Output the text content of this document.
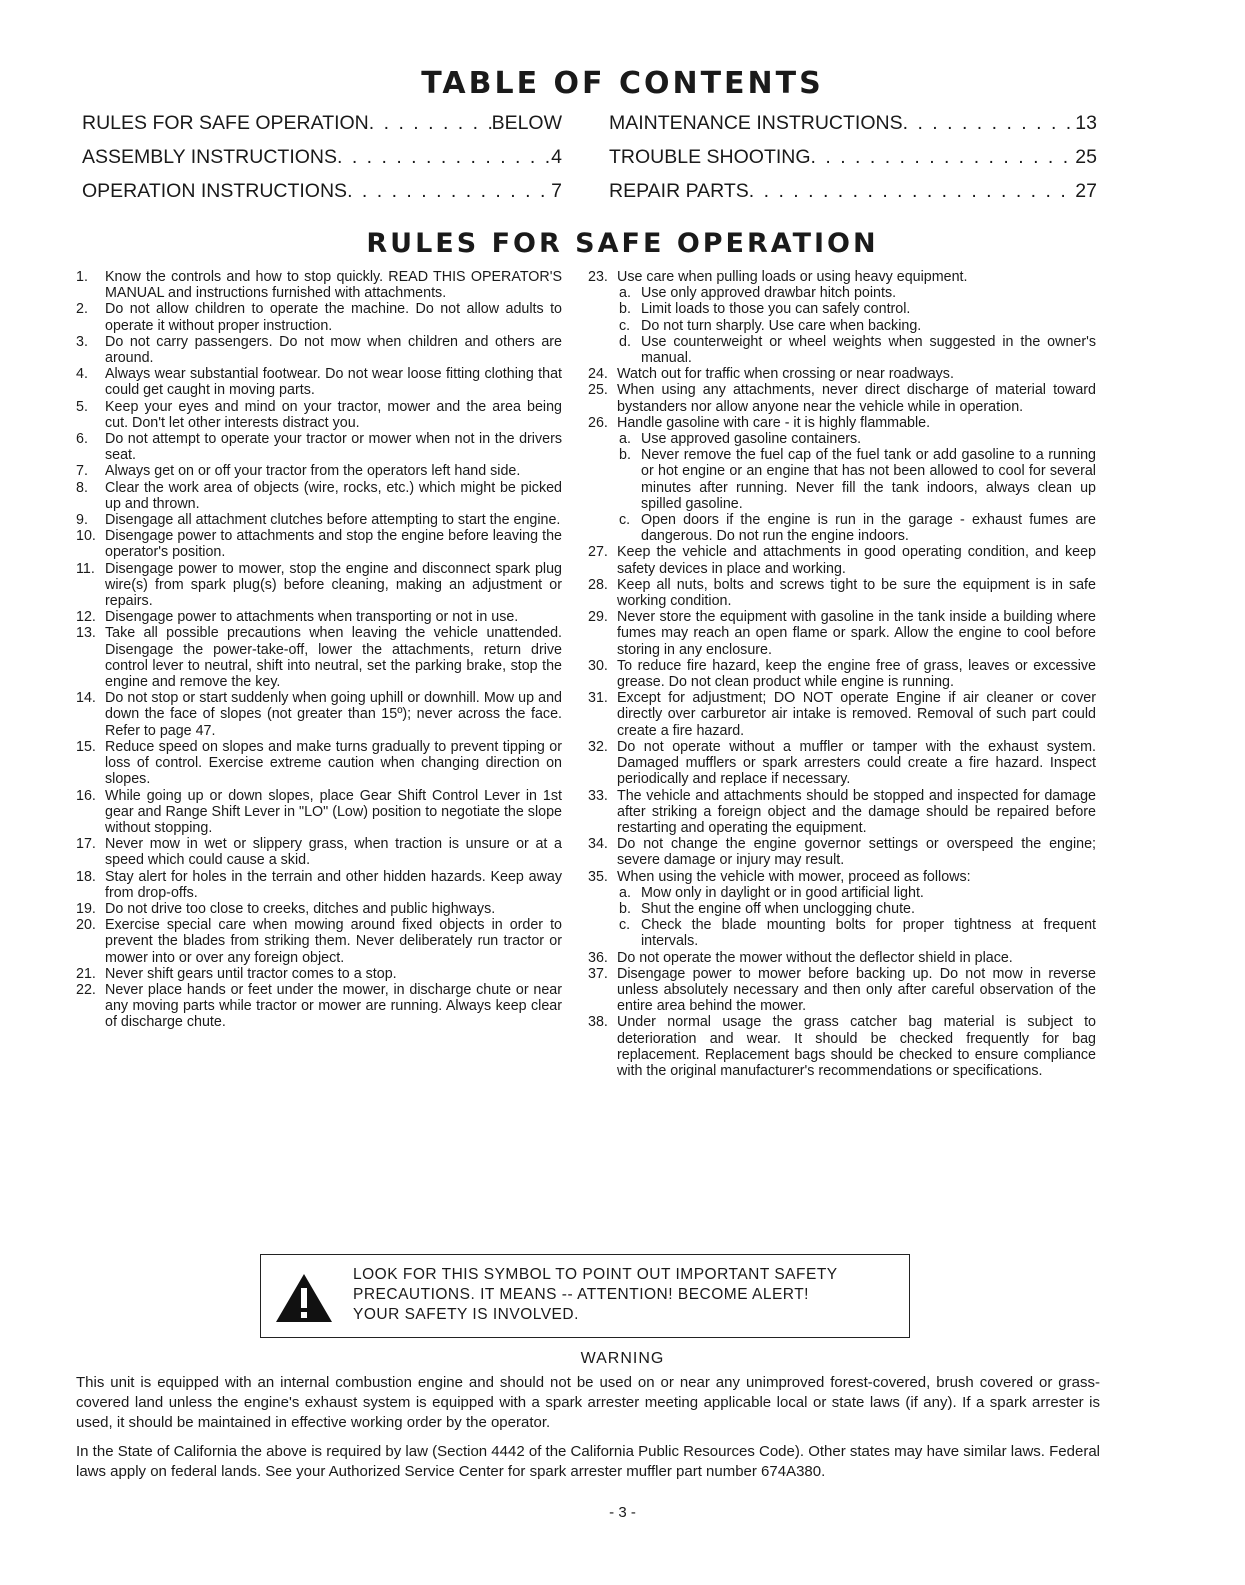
TABLE OF CONTENTS
RULES FOR SAFE OPERATION . . .	BELOW
ASSEMBLY INSTRUCTIONS . . .	4
OPERATION INSTRUCTIONS . . .	7
MAINTENANCE INSTRUCTIONS . . .	13
TROUBLE SHOOTING . . .	25
REPAIR PARTS . . .	27
RULES FOR SAFE OPERATION
1.	Know the controls and how to stop quickly. READ THIS OPERATOR'S MANUAL and instructions furnished with attachments.
2.	Do not allow children to operate the machine. Do not allow adults to operate it without proper instruction.
3.	Do not carry passengers. Do not mow when children and others are around.
4.	Always wear substantial footwear. Do not wear loose fitting clothing that could get caught in moving parts.
5.	Keep your eyes and mind on your tractor, mower and the area being cut. Don't let other interests distract you.
6.	Do not attempt to operate your tractor or mower when not in the drivers seat.
7.	Always get on or off your tractor from the operators left hand side.
8.	Clear the work area of objects (wire, rocks, etc.) which might be picked up and thrown.
9.	Disengage all attachment clutches before attempting to start the engine.
10. Disengage power to attachments and stop the engine before leaving the operator's position.
11. Disengage power to mower, stop the engine and disconnect spark plug wire(s) from spark plug(s) before cleaning, making an adjustment or repairs.
12. Disengage power to attachments when transporting or not in use.
13. Take all possible precautions when leaving the vehicle unattended. Disengage the power-take-off, lower the attachments, return drive control lever to neutral, shift into neutral, set the parking brake, stop the engine and remove the key.
14. Do not stop or start suddenly when going uphill or downhill. Mow up and down the face of slopes (not greater than 15º); never across the face. Refer to page 47.
15. Reduce speed on slopes and make turns gradually to prevent tipping or loss of control. Exercise extreme caution when changing direction on slopes.
16. While going up or down slopes, place Gear Shift Control Lever in 1st gear and Range Shift Lever in "LO" (Low) position to negotiate the slope without stopping.
17. Never mow in wet or slippery grass, when traction is unsure or at a speed which could cause a skid.
18. Stay alert for holes in the terrain and other hidden hazards. Keep away from drop-offs.
19. Do not drive too close to creeks, ditches and public highways.
20. Exercise special care when mowing around fixed objects in order to prevent the blades from striking them. Never deliberately run tractor or mower into or over any foreign object.
21. Never shift gears until tractor comes to a stop.
22. Never place hands or feet under the mower, in discharge chute or near any moving parts while tractor or mower are running. Always keep clear of discharge chute.
23. Use care when pulling loads or using heavy equipment.
a. Use only approved drawbar hitch points.
b. Limit loads to those you can safely control.
c. Do not turn sharply. Use care when backing.
d. Use counterweight or wheel weights when suggested in the owner's manual.
24. Watch out for traffic when crossing or near roadways.
25. When using any attachments, never direct discharge of material toward bystanders nor allow anyone near the vehicle while in operation.
26. Handle gasoline with care - it is highly flammable.
a. Use approved gasoline containers.
b. Never remove the fuel cap of the fuel tank or add gasoline to a running or hot engine or an engine that has not been allowed to cool for several minutes after running. Never fill the tank indoors, always clean up spilled gasoline.
c. Open doors if the engine is run in the garage - exhaust fumes are dangerous. Do not run the engine indoors.
27. Keep the vehicle and attachments in good operating condition, and keep safety devices in place and working.
28. Keep all nuts, bolts and screws tight to be sure the equipment is in safe working condition.
29. Never store the equipment with gasoline in the tank inside a building where fumes may reach an open flame or spark. Allow the engine to cool before storing in any enclosure.
30. To reduce fire hazard, keep the engine free of grass, leaves or excessive grease. Do not clean product while engine is running.
31. Except for adjustment; DO NOT operate Engine if air cleaner or cover directly over carburetor air intake is removed. Removal of such part could create a fire hazard.
32. Do not operate without a muffler or tamper with the exhaust system. Damaged mufflers or spark arresters could create a fire hazard. Inspect periodically and replace if necessary.
33. The vehicle and attachments should be stopped and inspected for damage after striking a foreign object and the damage should be repaired before restarting and operating the equipment.
34. Do not change the engine governor settings or overspeed the engine; severe damage or injury may result.
35. When using the vehicle with mower, proceed as follows:
a. Mow only in daylight or in good artificial light.
b. Shut the engine off when unclogging chute.
c. Check the blade mounting bolts for proper tightness at frequent intervals.
36. Do not operate the mower without the deflector shield in place.
37. Disengage power to mower before backing up. Do not mow in reverse unless absolutely necessary and then only after careful observation of the entire area behind the mower.
38. Under normal usage the grass catcher bag material is subject to deterioration and wear. It should be checked frequently for bag replacement. Replacement bags should be checked to ensure compliance with the original manufacturer's recommendations or specifications.
LOOK FOR THIS SYMBOL TO POINT OUT IMPORTANT SAFETY
PRECAUTIONS. IT MEANS -- ATTENTION! BECOME ALERT!
YOUR SAFETY IS INVOLVED.
WARNING
This unit is equipped with an internal combustion engine and should not be used on or near any unimproved forest-covered, brush covered or grass-covered land unless the engine's exhaust system is equipped with a spark arrester meeting applicable local or state laws (if any). If a spark arrester is used, it should be maintained in effective working order by the operator.
In the State of California the above is required by law (Section 4442 of the California Public Resources Code). Other states may have similar laws. Federal laws apply on federal lands. See your Authorized Service Center for spark arrester muffler part number 674A380.
- 3 -
